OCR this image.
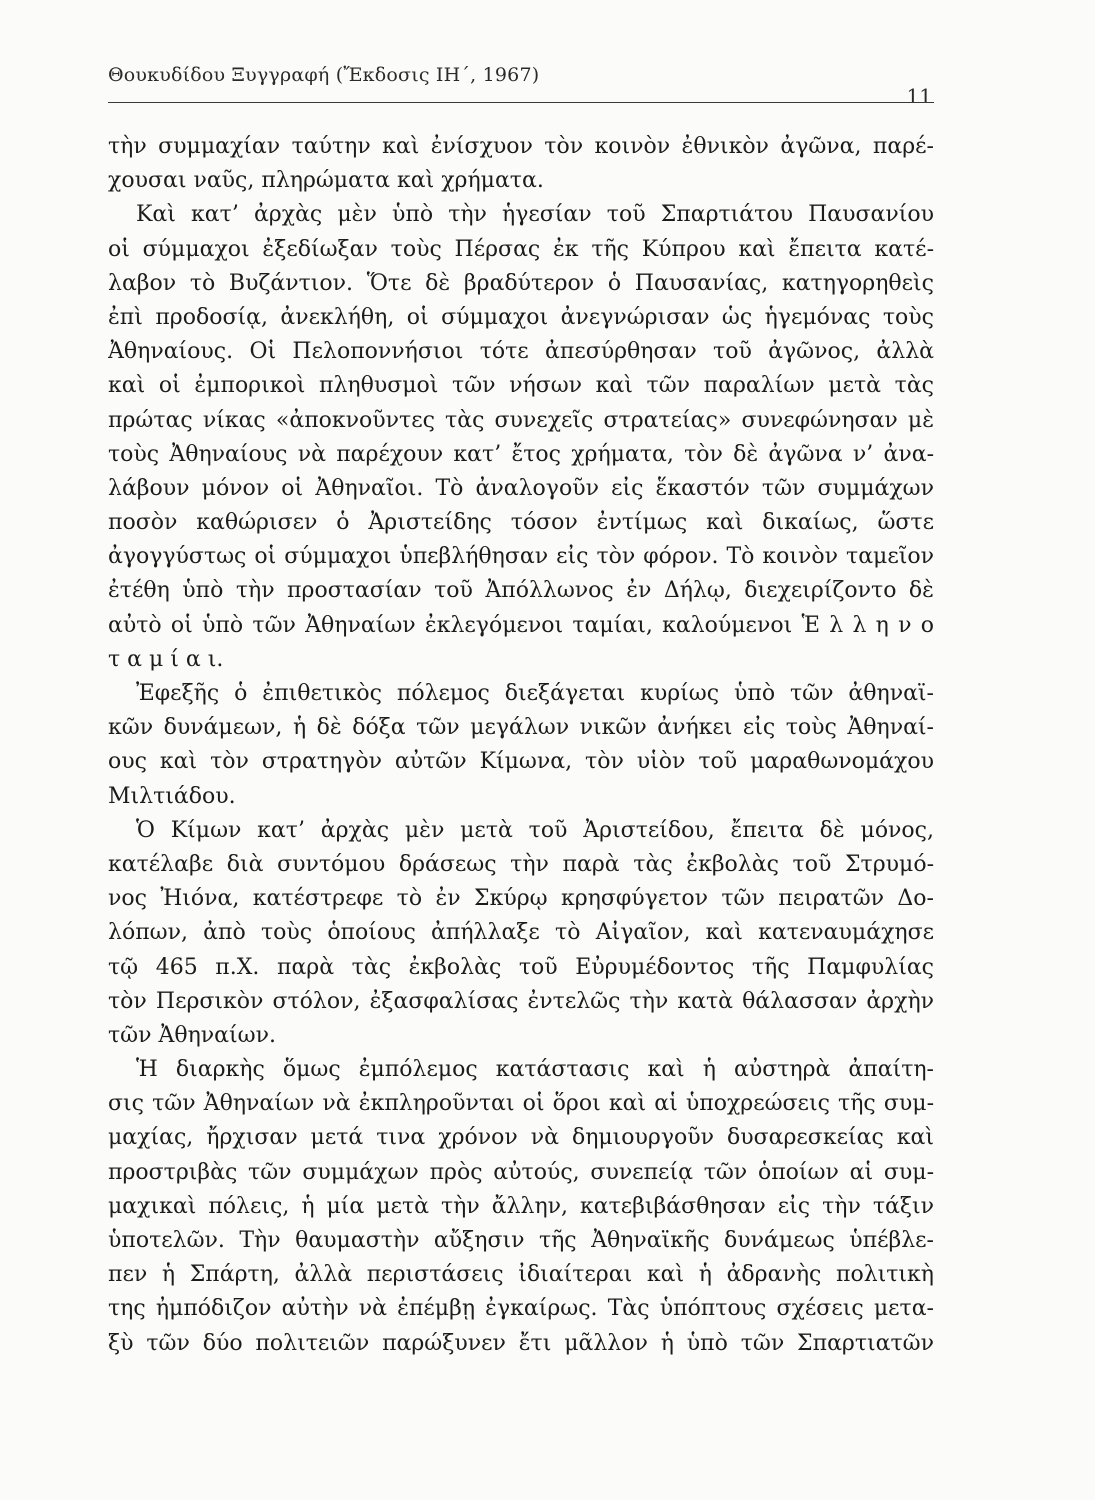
Θουκυδίδου Ξυγγραφή (Ἔκδοσις ΙΗ΄, 1967)
11
τὴν συμμαχίαν ταύτην καὶ ἐνίσχυον τὸν κοινὸν ἐθνικὸν ἀγῶνα, παρέ-
χουσαι ναῦς, πληρώματα καὶ χρήματα.
Καὶ κατ’ ἀρχὰς μὲν ὑπὸ τὴν ἡγεσίαν τοῦ Σπαρτιάτου Παυσανίου
οἱ σύμμαχοι ἐξεδίωξαν τοὺς Πέρσας ἐκ τῆς Κύπρου καὶ ἔπειτα κατέ-
λαβον τὸ Βυζάντιον. Ὅτε δὲ βραδύτερον ὁ Παυσανίας, κατηγορηθεὶς
ἐπὶ προδοσίᾳ, ἀνεκλήθη, οἱ σύμμαχοι ἀνεγνώρισαν ὡς ἡγεμόνας τοὺς
Ἀθηναίους. Οἱ Πελοποννήσιοι τότε ἀπεσύρθησαν τοῦ ἀγῶνος, ἀλλὰ
καὶ οἱ ἐμπορικοὶ πληθυσμοὶ τῶν νήσων καὶ τῶν παραλίων μετὰ τὰς
πρώτας νίκας «ἀποκνοῦντες τὰς συνεχεῖς στρατείας» συνεφώνησαν μὲ
τοὺς Ἀθηναίους νὰ παρέχουν κατ’ ἔτος χρήματα, τὸν δὲ ἀγῶνα ν’ ἀνα-
λάβουν μόνον οἱ Ἀθηναῖοι. Τὸ ἀναλογοῦν εἰς ἕκαστόν τῶν συμμάχων
ποσὸν καθώρισεν ὁ Ἀριστείδης τόσον ἐντίμως καὶ δικαίως, ὥστε
ἀγογγύστως οἱ σύμμαχοι ὑπεβλήθησαν εἰς τὸν φόρον. Τὸ κοινὸν ταμεῖον
ἐτέθη ὑπὸ τὴν προστασίαν τοῦ Ἀπόλλωνος ἐν Δήλῳ, διεχειρίζοντο δὲ
αὐτὸ οἱ ὑπὸ τῶν Ἀθηναίων ἐκλεγόμενοι ταμίαι, καλούμενοι Ἑ λ λ η ν ο
τ α μ ί α ι.
Ἐφεξῆς ὁ ἐπιθετικὸς πόλεμος διεξάγεται κυρίως ὑπὸ τῶν ἀθηναϊ-
κῶν δυνάμεων, ἡ δὲ δόξα τῶν μεγάλων νικῶν ἀνήκει εἰς τοὺς Ἀθηναί-
ους καὶ τὸν στρατηγὸν αὐτῶν Κίμωνα, τὸν υἱὸν τοῦ μαραθωνομάχου
Μιλτιάδου.
Ὁ Κίμων κατ’ ἀρχὰς μὲν μετὰ τοῦ Ἀριστείδου, ἔπειτα δὲ μόνος,
κατέλαβε διὰ συντόμου δράσεως τὴν παρὰ τὰς ἐκβολὰς τοῦ Στρυμό-
νος Ἠιόνα, κατέστρεφε τὸ ἐν Σκύρῳ κρησφύγετον τῶν πειρατῶν Δο-
λόπων, ἀπὸ τοὺς ὁποίους ἀπήλλαξε τὸ Αἰγαῖον, καὶ κατεναυμάχησε
τῷ 465 π.Χ. παρὰ τὰς ἐκβολὰς τοῦ Εὐρυμέδοντος τῆς Παμφυλίας
τὸν Περσικὸν στόλον, ἐξασφαλίσας ἐντελῶς τὴν κατὰ θάλασσαν ἀρχὴν
τῶν Ἀθηναίων.
Ἡ διαρκὴς ὅμως ἐμπόλεμος κατάστασις καὶ ἡ αὐστηρὰ ἀπαίτη-
σις τῶν Ἀθηναίων νὰ ἐκπληροῦνται οἱ ὅροι καὶ αἱ ὑποχρεώσεις τῆς συμ-
μαχίας, ἤρχισαν μετά τινα χρόνον νὰ δημιουργοῦν δυσαρεσκείας καὶ
προστριβὰς τῶν συμμάχων πρὸς αὐτούς, συνεπείᾳ τῶν ὁποίων αἱ συμ-
μαχικαὶ πόλεις, ἡ μία μετὰ τὴν ἄλλην, κατεβιβάσθησαν εἰς τὴν τάξιν
ὑποτελῶν. Τὴν θαυμαστὴν αὔξησιν τῆς Ἀθηναϊκῆς δυνάμεως ὑπέβλε-
πεν ἡ Σπάρτη, ἀλλὰ περιστάσεις ἰδιαίτεραι καὶ ἡ ἀδρανὴς πολιτικὴ
της ἠμπόδιζον αὐτὴν νὰ ἐπέμβῃ ἐγκαίρως. Τὰς ὑπόπτους σχέσεις μετα-
ξὺ τῶν δύο πολιτειῶν παρώξυνεν ἔτι μᾶλλον ἡ ὑπὸ τῶν Σπαρτιατῶν
